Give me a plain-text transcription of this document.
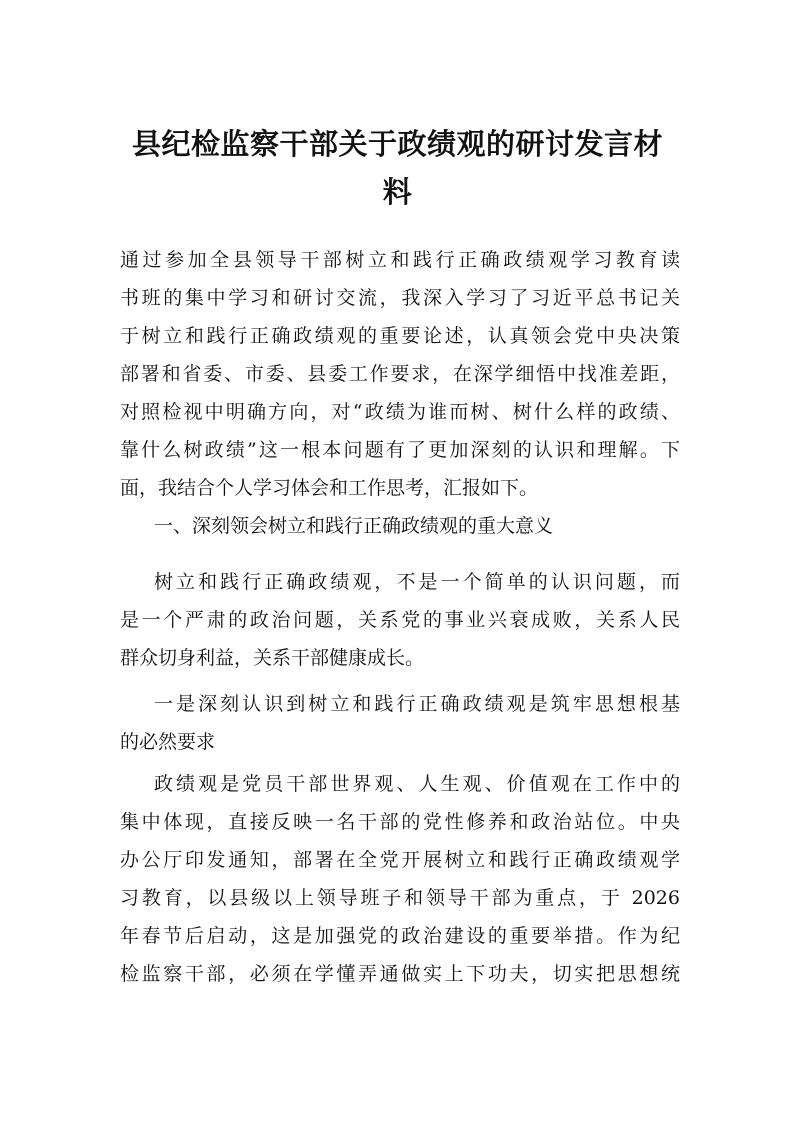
县纪检监察干部关于政绩观的研讨发言材
料

通过参加全县领导干部树立和践行正确政绩观学习教育读

书班的集中学习和研讨交流，我深入学习了习近平总书记关

于树立和践行正确政绩观的重要论述，认真领会党中央决策

部署和省委、市委、县委工作要求，在深学细悟中找准差距，

对照检视中明确方向，对“政绩为谁而树、树什么样的政绩、

靠什么树政绩”这一根本问题有了更加深刻的认识和理解。下

面，我结合个人学习体会和工作思考，汇报如下。

一、深刻领会树立和践行正确政绩观的重大意义

树立和践行正确政绩观，不是一个简单的认识问题，而

是一个严肃的政治问题，关系党的事业兴衰成败，关系人民

群众切身利益，关系干部健康成长。

一是深刻认识到树立和践行正确政绩观是筑牢思想根基

的必然要求

政绩观是党员干部世界观、人生观、价值观在工作中的

集中体现，直接反映一名干部的党性修养和政治站位。中央

办公厅印发通知，部署在全党开展树立和践行正确政绩观学

习教育，以县级以上领导班子和领导干部为重点，于 2026

年春节后启动，这是加强党的政治建设的重要举措。作为纪

检监察干部，必须在学懂弄通做实上下功夫，切实把思想统
